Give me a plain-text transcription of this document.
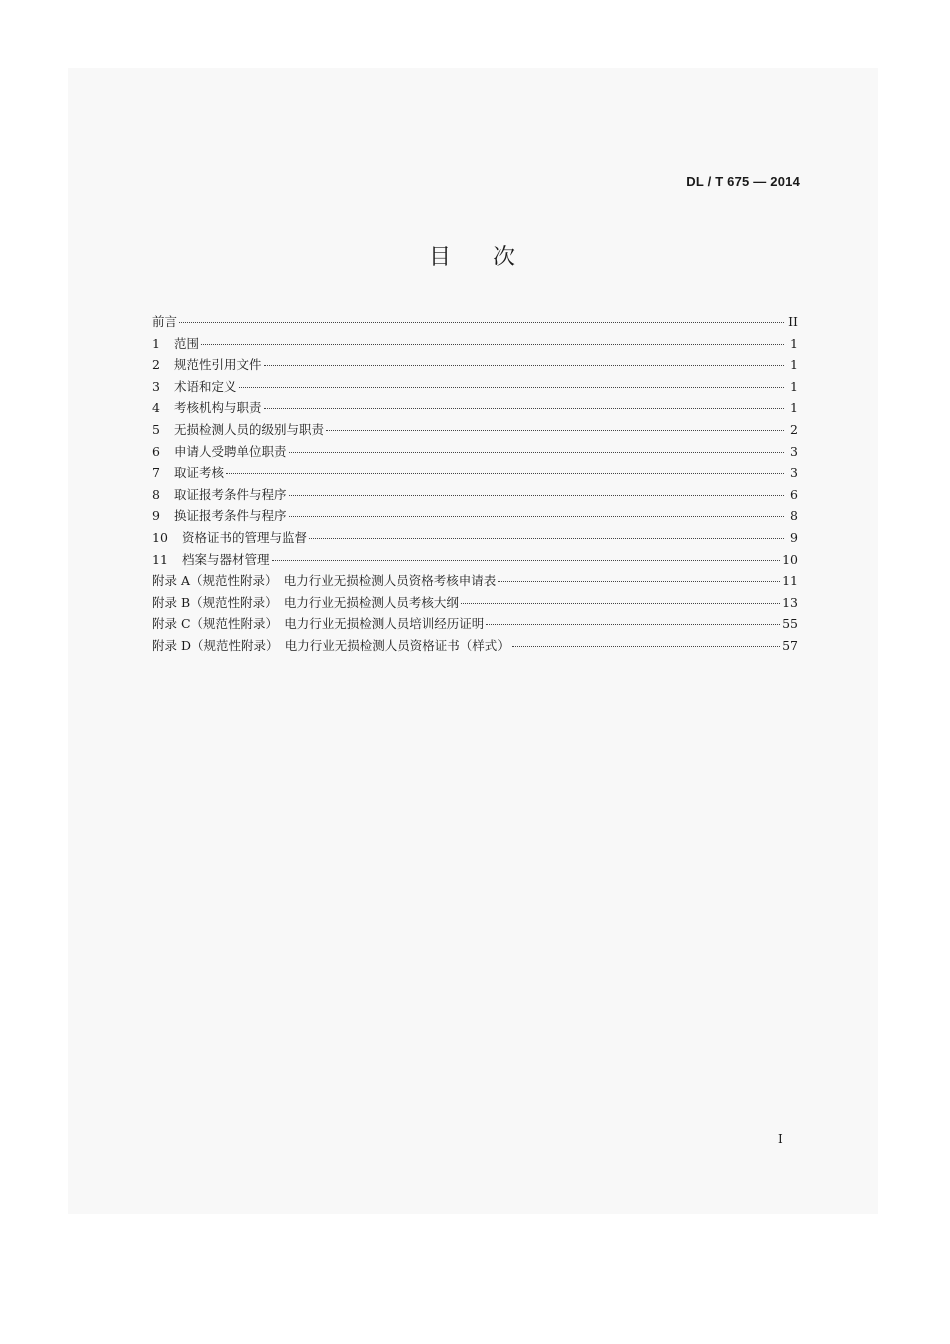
DL / T 675 — 2014
目 次
前言	II
1	范围	1
2	规范性引用文件	1
3	术语和定义	1
4	考核机构与职责	1
5	无损检测人员的级别与职责	2
6	申请人受聘单位职责	3
7	取证考核	3
8	取证报考条件与程序	6
9	换证报考条件与程序	8
10	资格证书的管理与监督	9
11	档案与器材管理	10
附录 A（规范性附录）　电力行业无损检测人员资格考核申请表	11
附录 B（规范性附录）　电力行业无损检测人员考核大纲	13
附录 C（规范性附录）　电力行业无损检测人员培训经历证明	55
附录 D（规范性附录）　电力行业无损检测人员资格证书（样式）	57
I
